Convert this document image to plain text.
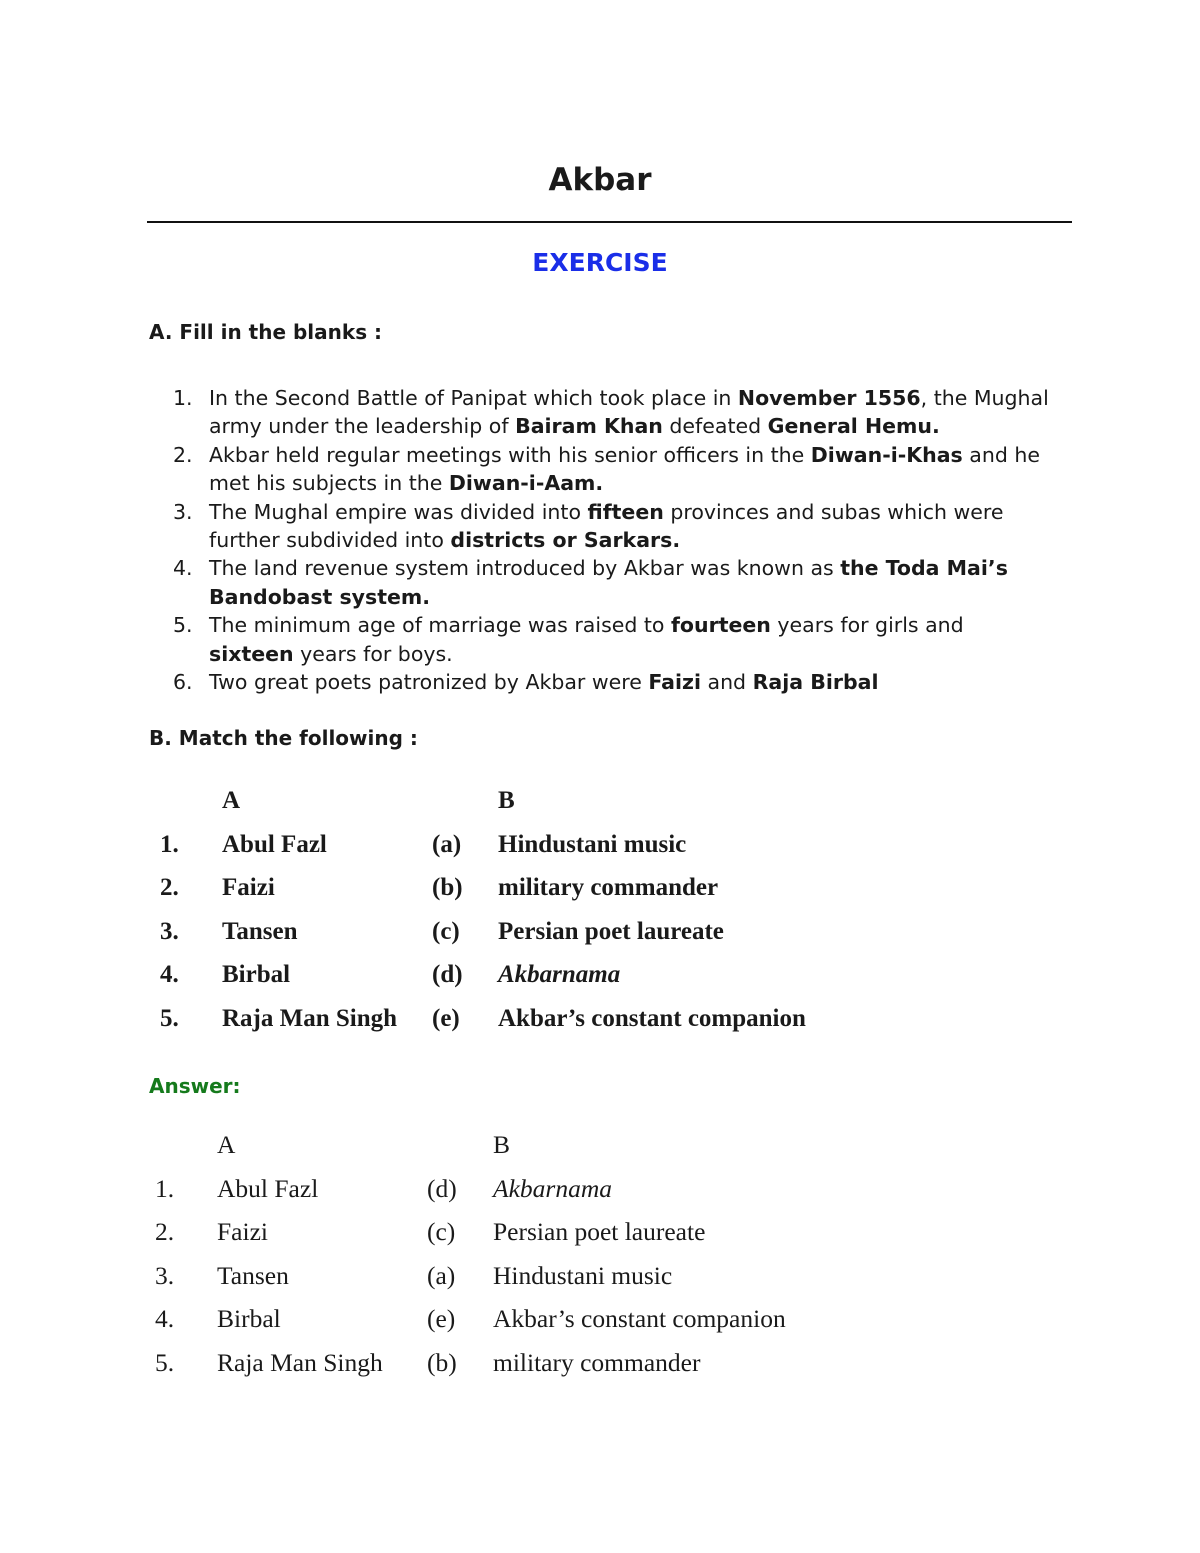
Akbar
EXERCISE
A. Fill in the blanks :
1. In the Second Battle of Panipat which took place in November 1556, the Mughal army under the leadership of Bairam Khan defeated General Hemu.
2. Akbar held regular meetings with his senior officers in the Diwan-i-Khas and he met his subjects in the Diwan-i-Aam.
3. The Mughal empire was divided into fifteen provinces and subas which were further subdivided into districts or Sarkars.
4. The land revenue system introduced by Akbar was known as the Toda Mai’s Bandobast system.
5. The minimum age of marriage was raised to fourteen years for girls and sixteen years for boys.
6. Two great poets patronized by Akbar were Faizi and Raja Birbal
B. Match the following :
	A		B
1.	Abul Fazl	(a)	Hindustani music
2.	Faizi	(b)	military commander
3.	Tansen	(c)	Persian poet laureate
4.	Birbal	(d)	Akbarnama
5.	Raja Man Singh	(e)	Akbar’s constant companion
Answer:
	A		B
1.	Abul Fazl	(d)	Akbarnama
2.	Faizi	(c)	Persian poet laureate
3.	Tansen	(a)	Hindustani music
4.	Birbal	(e)	Akbar’s constant companion
5.	Raja Man Singh	(b)	military commander
